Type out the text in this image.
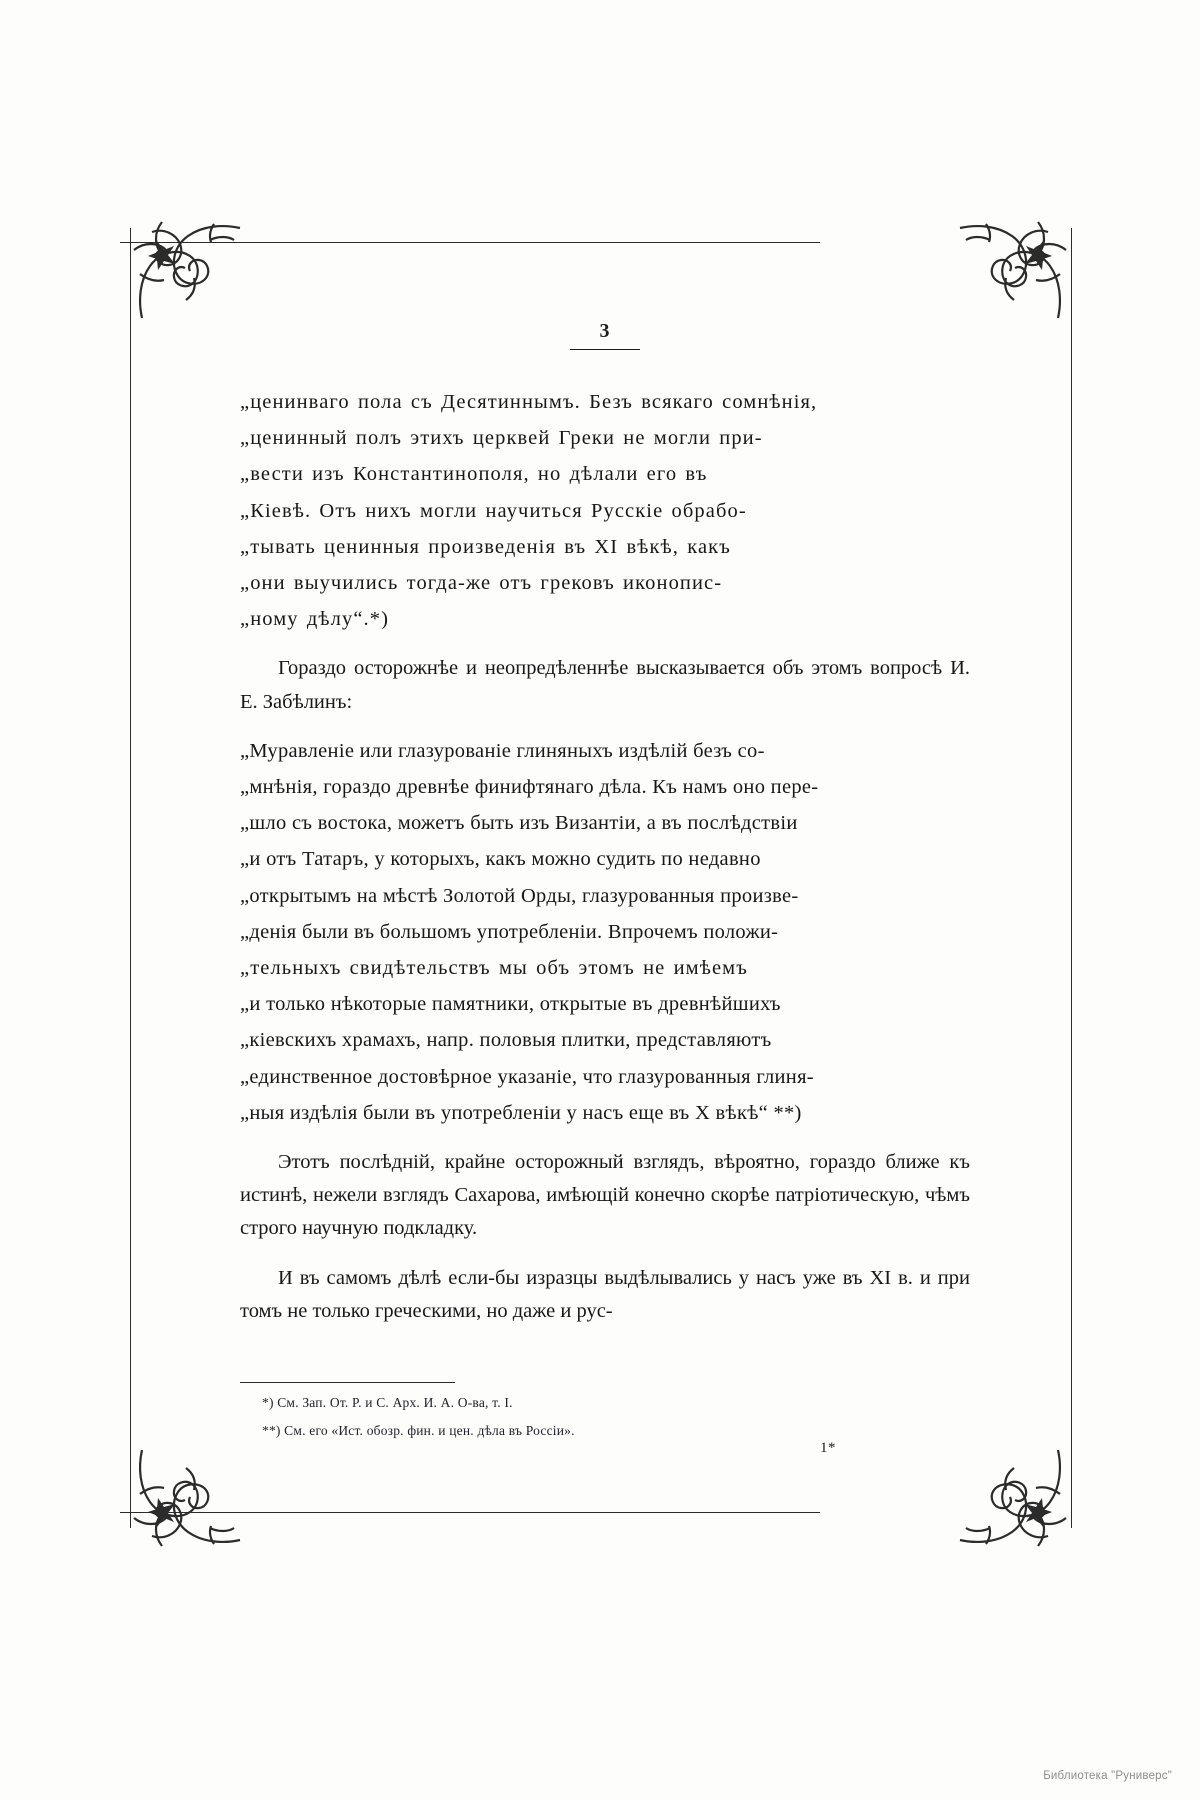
3

„ценинваго пола съ Десятиннымъ. Безъ всякаго сомнѣнія,

„ценинный полъ этихъ церквей Греки не могли при-

„вести изъ Константинополя, но дѣлали его въ

„Кіевѣ. Отъ нихъ могли научиться Русскіе обрабо-

„тывать ценинныя произведенія въ XI вѣкѣ, какъ

„они выучились тогда-же отъ грековъ иконопис-

„ному дѣлу“.*)

Гораздо осторожнѣе и неопредѣленнѣе высказывается объ этомъ вопросѣ И. Е. Забѣлинъ:

„Муравленіе или глазурованіе глиняныхъ издѣлій безъ со-

„мнѣнія, гораздо древнѣе финифтянаго дѣла. Къ намъ оно пере-

„шло съ востока, можетъ быть изъ Византіи, а въ послѣдствіи

„и отъ Татаръ, у которыхъ, какъ можно судить по недавно

„открытымъ на мѣстѣ Золотой Орды, глазурованныя произве-

„денія были въ большомъ употребленіи. Впрочемъ положи-

„тельныхъ свидѣтельствъ мы объ этомъ не имѣемъ

„и только нѣкоторые памятники, открытые въ древнѣйшихъ

„кіевскихъ храмахъ, напр. половыя плитки, представляютъ

„единственное достовѣрное указаніе, что глазурованныя глиня-

„ныя издѣлія были въ употребленіи у насъ еще въ X вѣкѣ“ **)

Этотъ послѣдній, крайне осторожный взглядъ, вѣроятно, гораздо ближе къ истинѣ, нежели взглядъ Сахарова, имѣющій конечно скорѣе патріотическую, чѣмъ строго научную подкладку.

И въ самомъ дѣлѣ если-бы изразцы выдѣлывались у насъ уже въ XI в. и при томъ не только греческими, но даже и рус-

*) См. Зап. От. Р. и С. Арх. И. А. О-ва, т. I.

**) См. его «Ист. обозр. фин. и цен. дѣла въ Россіи».

1*
Библиотека "Руниверс"
